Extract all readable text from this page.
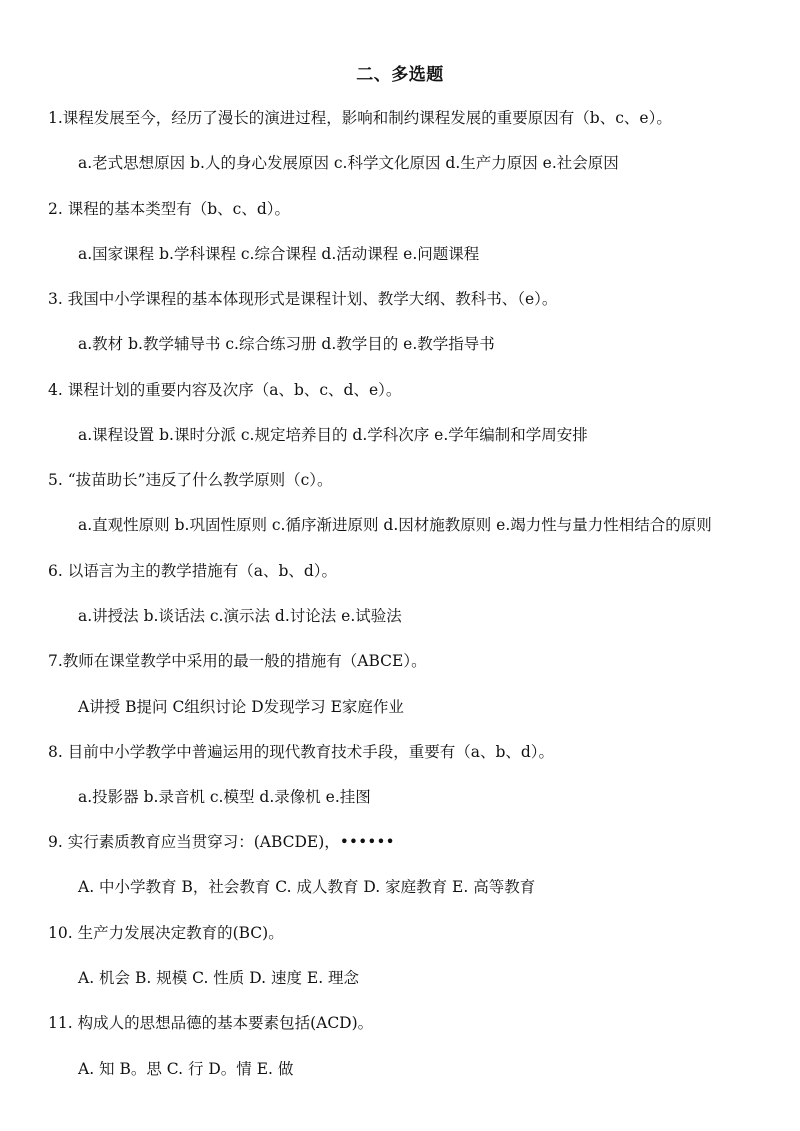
二、多选题
1.课程发展至今，经历了漫长的演进过程，影响和制约课程发展的重要原因有（b、c、e）。
a.老式思想原因 b.人的身心发展原因 c.科学文化原因 d.生产力原因 e.社会原因
2. 课程的基本类型有（b、c、d）。
a.国家课程 b.学科课程 c.综合课程 d.活动课程 e.问题课程
3. 我国中小学课程的基本体现形式是课程计划、教学大纲、教科书、（e）。
a.教材 b.教学辅导书 c.综合练习册 d.教学目的 e.教学指导书
4. 课程计划的重要内容及次序（a、b、c、d、e）。
a.课程设置 b.课时分派 c.规定培养目的 d.学科次序 e.学年编制和学周安排
5. “拔苗助长”违反了什么教学原则（c）。
a.直观性原则 b.巩固性原则 c.循序渐进原则 d.因材施教原则 e.竭力性与量力性相结合的原则
6. 以语言为主的教学措施有（a、b、d）。
a.讲授法 b.谈话法 c.演示法 d.讨论法 e.试验法
7.教师在课堂教学中采用的最一般的措施有（ABCE）。
A讲授 B提问 C组织讨论 D发现学习 E家庭作业
8. 目前中小学教学中普遍运用的现代教育技术手段，重要有（a、b、d）。
a.投影器 b.录音机 c.模型 d.录像机 e.挂图
9. 实行素质教育应当贯穿习：(ABCDE)，••••••
A. 中小学教育 B，社会教育 C. 成人教育 D. 家庭教育 E. 高等教育
10. 生产力发展决定教育的(BC)。
A. 机会 B. 规模 C. 性质 D. 速度 E. 理念
11. 构成人的思想品德的基本要素包括(ACD)。
A. 知 B。思 C. 行 D。情 E. 做
